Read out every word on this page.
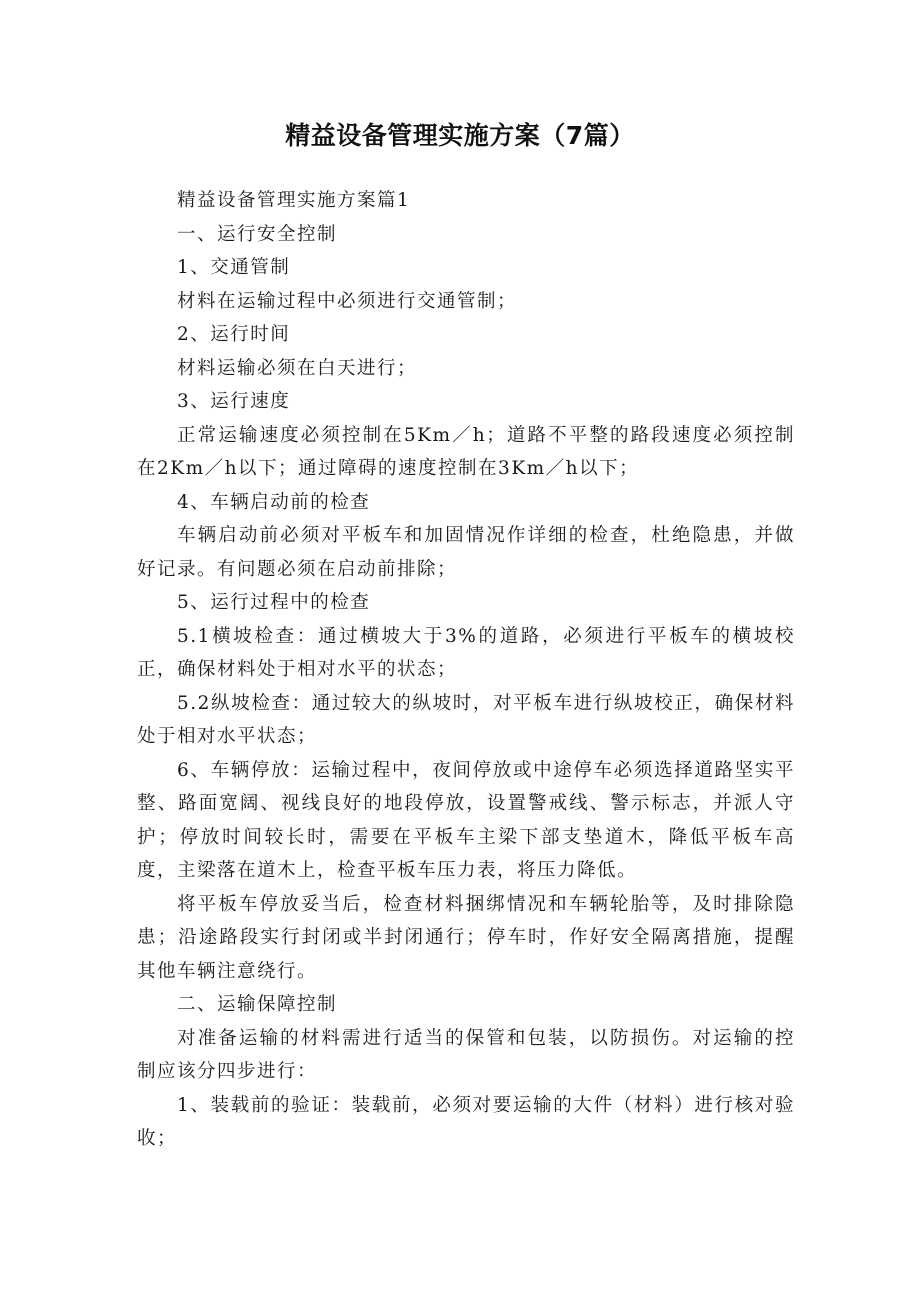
精益设备管理实施方案（7篇）

精益设备管理实施方案篇1

一、运行安全控制

1、交通管制

材料在运输过程中必须进行交通管制；

2、运行时间

材料运输必须在白天进行；

3、运行速度

正常运输速度必须控制在5Km／h；道路不平整的路段速度必须控制在2Km／h以下；通过障碍的速度控制在3Km／h以下；

4、车辆启动前的检查

车辆启动前必须对平板车和加固情况作详细的检查，杜绝隐患，并做好记录。有问题必须在启动前排除；

5、运行过程中的检查

5.1横坡检查：通过横坡大于3%的道路，必须进行平板车的横坡校正，确保材料处于相对水平的状态；

5.2纵坡检查：通过较大的纵坡时，对平板车进行纵坡校正，确保材料处于相对水平状态；

6、车辆停放：运输过程中，夜间停放或中途停车必须选择道路坚实平整、路面宽阔、视线良好的地段停放，设置警戒线、警示标志，并派人守护；停放时间较长时，需要在平板车主梁下部支垫道木，降低平板车高度，主梁落在道木上，检查平板车压力表，将压力降低。

将平板车停放妥当后，检查材料捆绑情况和车辆轮胎等，及时排除隐患；沿途路段实行封闭或半封闭通行；停车时，作好安全隔离措施，提醒其他车辆注意绕行。

二、运输保障控制

对准备运输的材料需进行适当的保管和包装，以防损伤。对运输的控制应该分四步进行：

1、装载前的验证：装载前，必须对要运输的大件（材料）进行核对验收；
